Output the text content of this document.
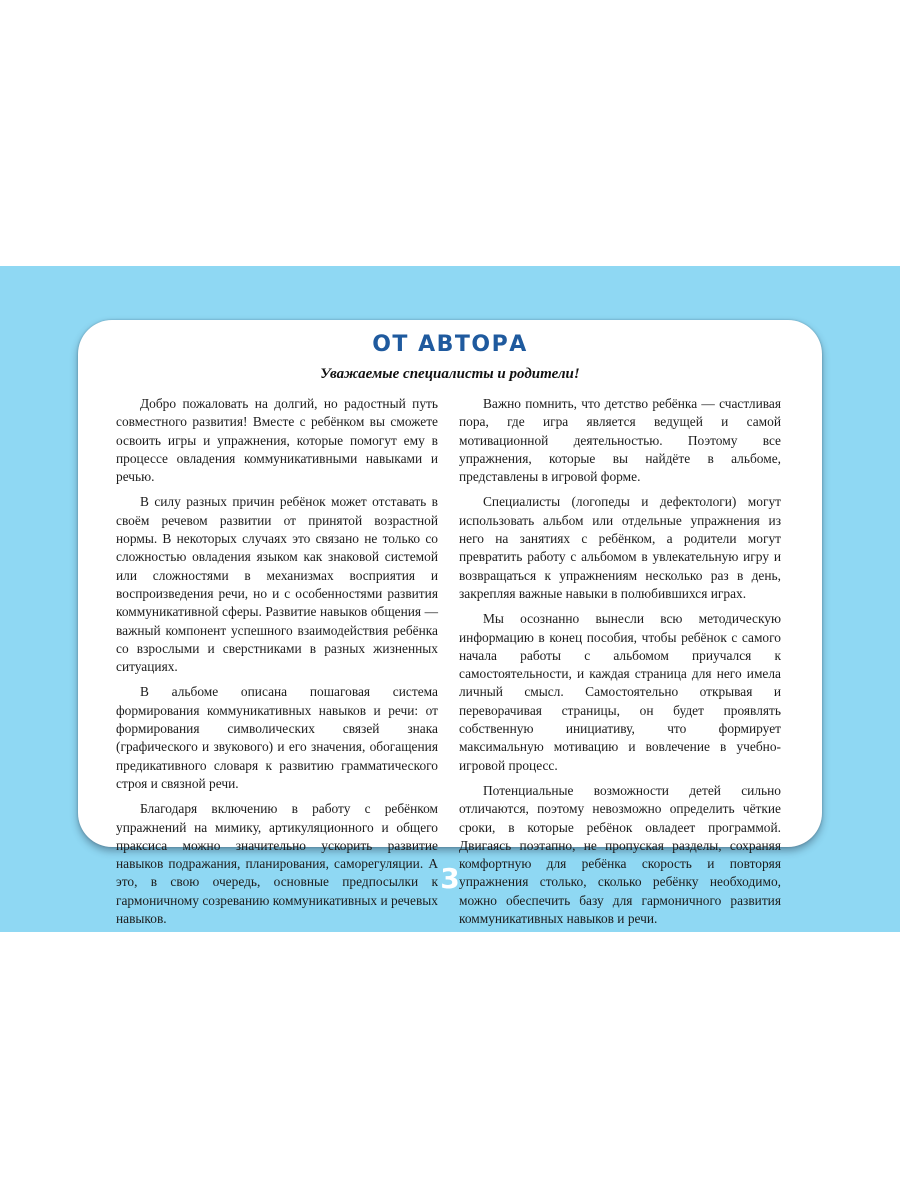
ОТ АВТОРА
Уважаемые специалисты и родители!

Добро пожаловать на долгий, но радостный путь совместного развития! Вместе с ребёнком вы сможете освоить игры и упражнения, которые помогут ему в процессе овладения коммуникативными навыками и речью.

В силу разных причин ребёнок может отставать в своём речевом развитии от принятой возрастной нормы. В некоторых случаях это связано не только со сложностью овладения языком как знаковой системой или сложностями в механизмах восприятия и воспроизведения речи, но и с особенностями развития коммуникативной сферы. Развитие навыков общения — важный компонент успешного взаимодействия ребёнка со взрослыми и сверстниками в разных жизненных ситуациях.

В альбоме описана пошаговая система формирования коммуникативных навыков и речи: от формирования символических связей знака (графического и звукового) и его значения, обогащения предикативного словаря к развитию грамматического строя и связной речи.

Благодаря включению в работу с ребёнком упражнений на мимику, артикуляционного и общего праксиса можно значительно ускорить развитие навыков подражания, планирования, саморегуляции. А это, в свою очередь, основные предпосылки к гармоничному созреванию коммуникативных и речевых навыков.

Важно помнить, что детство ребёнка — счастливая пора, где игра является ведущей и самой мотивационной деятельностью. Поэтому все упражнения, которые вы найдёте в альбоме, представлены в игровой форме.

Специалисты (логопеды и дефектологи) могут использовать альбом или отдельные упражнения из него на занятиях с ребёнком, а родители могут превратить работу с альбомом в увлекательную игру и возвращаться к упражнениям несколько раз в день, закрепляя важные навыки в полюбившихся играх.

Мы осознанно вынесли всю методическую информацию в конец пособия, чтобы ребёнок с самого начала работы с альбомом приучался к самостоятельности, и каждая страница для него имела личный смысл. Самостоятельно открывая и переворачивая страницы, он будет проявлять собственную инициативу, что формирует максимальную мотивацию и вовлечение в учебно-игровой процесс.

Потенциальные возможности детей сильно отличаются, поэтому невозможно определить чёткие сроки, в которые ребёнок овладеет программой. Двигаясь поэтапно, не пропуская разделы, сохраняя комфортную для ребёнка скорость и повторяя упражнения столько, сколько ребёнку необходимо, можно обеспечить базу для гармоничного развития коммуникативных навыков и речи.

3
